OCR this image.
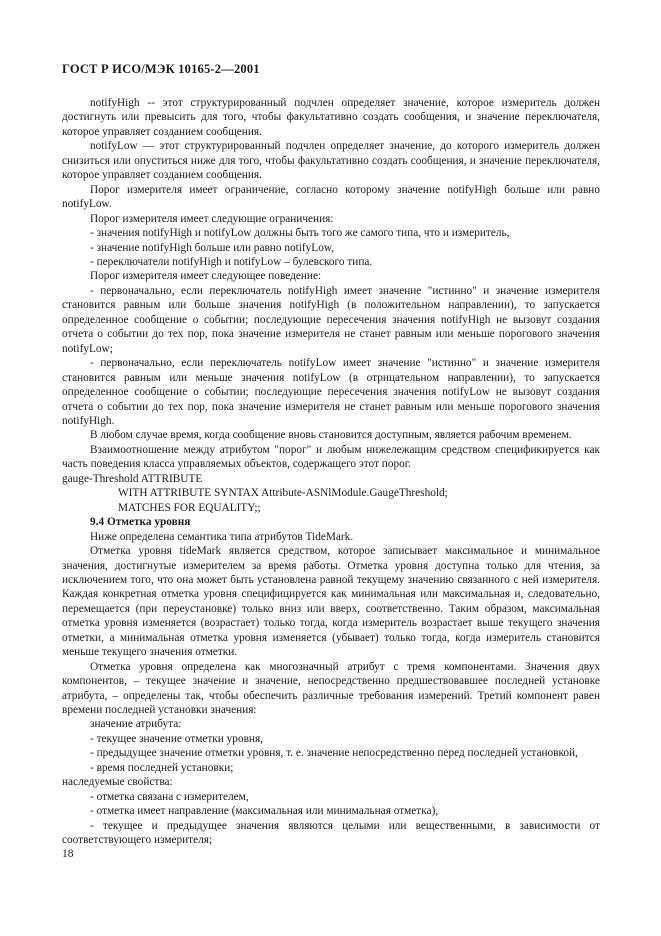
ГОСТ Р ИСО/МЭК 10165-2—2001

notifyHigh -- этот структурированный подчлен определяет значение, которое измеритель должен достигнуть или превысить для того, чтобы факультативно создать сообщения, и значение переключателя, которое управляет созданием сообщения.

notifyLow — этот структурированный подчлен определяет значение, до которого измеритель должен снизиться или опуститься ниже для того, чтобы факультативно создать сообщения, и значение переключателя, которое управляет созданием сообщения.

Порог измерителя имеет ограничение, согласно которому значение notifyHigh больше или равно notifyLow.

Порог измерителя имеет следующие ограничения:

- значения notifyHigh и notifyLow должны быть того же самого типа, что и измеритель,

- значение notifyHigh больше или равно notifyLow,

- переключатели notifyHigh и notifyLow – булевского типа.

Порог измерителя имеет следующее поведение:

- первоначально, если переключатель notifyHigh имеет значение "истинно" и значение измерителя становится равным или больше значения notifyHigh (в положительном направлении), то запускается определенное сообщение о событии; последующие пересечения значения notifyHigh не вызовут создания отчета о событии до тех пор, пока значение измерителя не станет равным или меньше порогового значения notifyLow;

- первоначально, если переключатель notifyLow имеет значение "истинно" и значение измерителя становится равным или меньше значения notifyLow (в отрицательном направлении), то запускается определенное сообщение о событии; последующие пересечения значения notifyLow не вызовут создания отчета о событии до тех пор, пока значение измерителя не станет равным или меньше порогового значения notifyHigh.

В любом случае время, когда сообщение вновь становится доступным, является рабочим временем.

Взаимоотношение между атрибутом "порог" и любым нижележащим средством спецификируется как часть поведения класса управляемых объектов, содержащего этот порог.

gauge-Threshold ATTRIBUTE

WITH ATTRIBUTE SYNTAX Attribute-ASNlModule.GaugeThreshold;

MATCHES FOR EQUALITY;;

9.4 Отметка уровня

Ниже определена семантика типа атрибутов TideMark.

Отметка уровня tideMark является средством, которое записывает максимальное и минимальное значения, достигнутые измерителем за время работы. Отметка уровня доступна только для чтения, за исключением того, что она может быть установлена равной текущему значению связанного с ней измерителя. Каждая конкретная отметка уровня специфицируется как минимальная или максимальная и, следовательно, перемещается (при переустановке) только вниз или вверх, соответственно. Таким образом, максимальная отметка уровня изменяется (возрастает) только тогда, когда измеритель возрастает выше текущего значения отметки, а минимальная отметка уровня изменяется (убывает) только тогда, когда измеритель становится меньше текущего значения отметки.

Отметка уровня определена как многозначный атрибут с тремя компонентами. Значения двух компонентов, – текущее значение и значение, непосредственно предшествовавшее последней установке атрибута, – определены так, чтобы обеспечить различные требования измерений. Третий компонент равен времени последней установки значения:

значение атрибута:

- текущее значение отметки уровня,

- предыдущее значение отметки уровня, т. е. значение непосредственно перед последней установкой,

- время последней установки;

наследуемые свойства:

- отметка связана с измерителем,

- отметка имеет направление (максимальная или минимальная отметка),

- текущее и предыдущее значения являются целыми или вещественными, в зависимости от соответствующего измерителя;

18
